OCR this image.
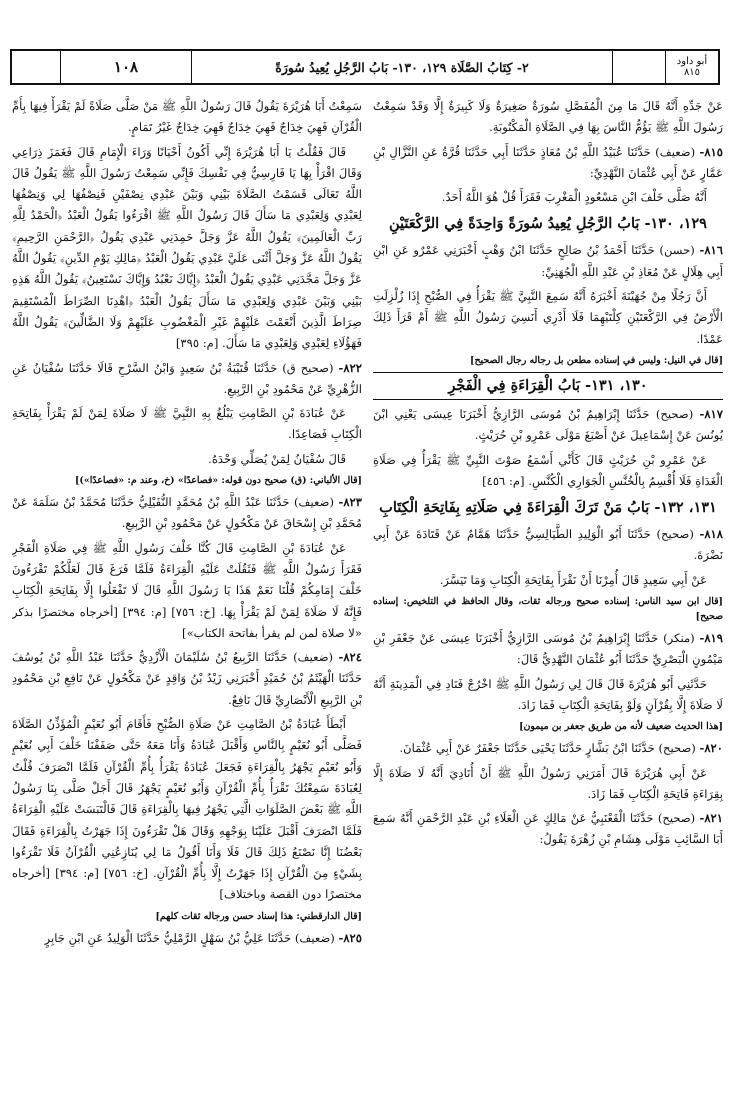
أبو داود
٨١٥
٢- كِتَابُ الصَّلَاة ١٢٩، ١٣٠- بَابُ الرَّجُلِ يُعِيدُ سُورَةً
١٠٨

عَنْ جَدِّهِ أَنَّهُ قَالَ مَا مِنَ الْمُفَصَّلِ سُورَةٌ صَغِيرَةٌ وَلَا كَبِيرَةٌ إِلَّا وَقَدْ سَمِعْتُ رَسُولَ اللَّهِ ﷺ يَؤُمُّ النَّاسَ بِهَا فِي الصَّلَاةِ الْمَكْتُوبَةِ.

٨١٥- (ضعيف) حَدَّثَنَا عُبَيْدُ اللَّهِ بْنُ مُعَاذٍ حَدَّثَنَا أَبِي حَدَّثَنَا قُرَّةُ عَنِ النَّزَّالِ بْنِ عَمَّارٍ عَنْ أَبِي عُثْمَانَ النَّهْدِيِّ:

أَنَّهُ صَلَّى خَلْفَ ابْنِ مَسْعُودٍ الْمَغْرِبَ فَقَرَأَ قُلْ هُوَ اللَّهُ أَحَدٌ.

١٢٩، ١٣٠- بَابُ الرَّجُلِ يُعِيدُ سُورَةً وَاحِدَةً فِي الرَّكْعَتَيْنِ

٨١٦- (حسن) حَدَّثَنَا أَحْمَدُ بْنُ صَالِحٍ حَدَّثَنَا ابْنُ وَهْبٍ أَخْبَرَنِي عَمْرٌو عَنِ ابْنِ أَبِي هِلَالٍ عَنْ مُعَاذِ بْنِ عَبْدِ اللَّهِ الْجُهَنِيِّ:

أَنَّ رَجُلًا مِنْ جُهَيْنَةَ أَخْبَرَهُ أَنَّهُ سَمِعَ النَّبِيَّ ﷺ يَقْرَأُ فِي الصُّبْحِ إِذَا زُلْزِلَتِ الْأَرْضُ فِي الرَّكْعَتَيْنِ كِلْتَيْهِمَا فَلَا أَدْرِي أَنَسِيَ رَسُولُ اللَّهِ ﷺ أَمْ قَرَأَ ذَلِكَ عَمْدًا.

[قال في النيل: وليس في إسناده مطعن بل رجاله رجال الصحيح]
١٣٠، ١٣١- بَابُ الْقِرَاءَةِ فِي الْفَجْرِ

٨١٧- (صحيح) حَدَّثَنَا إِبْرَاهِيمُ بْنُ مُوسَى الرَّازِيُّ أَخْبَرَنَا عِيسَى يَعْنِي ابْنَ يُونُسَ عَنْ إِسْمَاعِيلَ عَنْ أَصْبَغَ مَوْلَى عَمْرِو بْنِ حُرَيْثٍ.

عَنْ عَمْرِو بْنِ حُرَيْثٍ قَالَ كَأَنِّي أَسْمَعُ صَوْتَ النَّبِيِّ ﷺ يَقْرَأُ فِي صَلَاةِ الْغَدَاةِ فَلَا أُقْسِمُ بِالْخُنَّسِ الْجَوَارِي الْكُنَّسِ. [م: ٤٥٦]

١٣١، ١٣٢- بَابُ مَنْ تَرَكَ الْقِرَاءَةَ فِي صَلَاتِهِ بِفَاتِحَةِ الْكِتَابِ

٨١٨- (صحيح) حَدَّثَنَا أَبُو الْوَلِيدِ الطَّيَالِسِيُّ حَدَّثَنَا هَمَّامٌ عَنْ قَتَادَةَ عَنْ أَبِي نَضْرَةَ.

عَنْ أَبِي سَعِيدٍ قَالَ أُمِرْنَا أَنْ نَقْرَأَ بِفَاتِحَةِ الْكِتَابِ وَمَا تَيَسَّرَ.

[قال ابن سيد الناس: إسناده صحيح ورجاله ثقات، وقال الحافظ في التلخيص: إسناده صحيح]

٨١٩- (منكر) حَدَّثَنَا إِبْرَاهِيمُ بْنُ مُوسَى الرَّازِيُّ أَخْبَرَنَا عِيسَى عَنْ جَعْفَرِ بْنِ مَيْمُونٍ الْبَصْرِيِّ حَدَّثَنَا أَبُو عُثْمَانَ النَّهْدِيُّ قَالَ:

حَدَّثَنِي أَبُو هُرَيْرَةَ قَالَ قَالَ لِي رَسُولُ اللَّهِ ﷺ اخْرُجْ فَنَادِ فِي الْمَدِينَةِ أَنَّهُ لَا صَلَاةَ إِلَّا بِقُرْآنٍ وَلَوْ بِفَاتِحَةِ الْكِتَابِ فَمَا زَادَ.

[هذا الحديث ضعيف لأنه من طريق جعفر بن ميمون]

٨٢٠- (صحيح) حَدَّثَنَا ابْنُ بَشَّارٍ حَدَّثَنَا يَحْيَى حَدَّثَنَا جَعْفَرٌ عَنْ أَبِي عُثْمَانَ.

عَنْ أَبِي هُرَيْرَةَ قَالَ أَمَرَنِي رَسُولُ اللَّهِ ﷺ أَنْ أُنَادِيَ أَنَّهُ لَا صَلَاةَ إِلَّا بِقِرَاءَةِ فَاتِحَةِ الْكِتَابِ فَمَا زَادَ.

٨٢١- (صحيح) حَدَّثَنَا الْقَعْنَبِيُّ عَنْ مَالِكٍ عَنِ الْعَلَاءِ بْنِ عَبْدِ الرَّحْمَنِ أَنَّهُ سَمِعَ أَبَا السَّائِبِ مَوْلَى هِشَامِ بْنِ زُهْرَةَ يَقُولُ:

سَمِعْتُ أَبَا هُرَيْرَةَ يَقُولُ قَالَ رَسُولُ اللَّهِ ﷺ مَنْ صَلَّى صَلَاةً لَمْ يَقْرَأْ فِيهَا بِأُمِّ الْقُرْآنِ فَهِيَ خِدَاجٌ فَهِيَ خِدَاجٌ فَهِيَ خِدَاجٌ غَيْرُ تَمَامٍ.

قَالَ فَقُلْتُ يَا أَبَا هُرَيْرَةَ إِنِّي أَكُونُ أَحْيَانًا وَرَاءَ الْإِمَامِ قَالَ فَغَمَزَ ذِرَاعِي وَقَالَ اقْرَأْ بِهَا يَا فَارِسِيُّ فِي نَفْسِكَ فَإِنِّي سَمِعْتُ رَسُولَ اللَّهِ ﷺ يَقُولُ قَالَ اللَّهُ تَعَالَى قَسَمْتُ الصَّلَاةَ بَيْنِي وَبَيْنَ عَبْدِي نِصْفَيْنِ فَنِصْفُهَا لِي وَنِصْفُهَا لِعَبْدِي وَلِعَبْدِي مَا سَأَلَ قَالَ رَسُولُ اللَّهِ ﷺ اقْرَءُوا يَقُولُ الْعَبْدُ ﴿الْحَمْدُ لِلَّهِ رَبِّ الْعَالَمِينَ﴾ يَقُولُ اللَّهُ عَزَّ وَجَلَّ حَمِدَنِي عَبْدِي يَقُولُ ﴿الرَّحْمَنِ الرَّحِيمِ﴾ يَقُولُ اللَّهُ عَزَّ وَجَلَّ أَثْنَى عَلَيَّ عَبْدِي يَقُولُ الْعَبْدُ ﴿مَالِكِ يَوْمِ الدِّينِ﴾ يَقُولُ اللَّهُ عَزَّ وَجَلَّ مَجَّدَنِي عَبْدِي يَقُولُ الْعَبْدُ ﴿إِيَّاكَ نَعْبُدُ وَإِيَّاكَ نَسْتَعِينُ﴾ يَقُولُ اللَّهُ هَذِهِ بَيْنِي وَبَيْنَ عَبْدِي وَلِعَبْدِي مَا سَأَلَ يَقُولُ الْعَبْدُ ﴿اهْدِنَا الصِّرَاطَ الْمُسْتَقِيمَ صِرَاطَ الَّذِينَ أَنْعَمْتَ عَلَيْهِمْ غَيْرِ الْمَغْضُوبِ عَلَيْهِمْ وَلَا الضَّالِّينَ﴾ يَقُولُ اللَّهُ فَهَؤُلَاءِ لِعَبْدِي وَلِعَبْدِي مَا سَأَلَ. [م: ٣٩٥]

٨٢٢- (صحيح ق) حَدَّثَنَا قُتَيْبَةُ بْنُ سَعِيدٍ وَابْنُ السَّرْحِ قَالَا حَدَّثَنَا سُفْيَانُ عَنِ الزُّهْرِيِّ عَنْ مَحْمُودِ بْنِ الرَّبِيعِ.

عَنْ عُبَادَةَ بْنِ الصَّامِتِ يَبْلُغُ بِهِ النَّبِيَّ ﷺ لَا صَلَاةَ لِمَنْ لَمْ يَقْرَأْ بِفَاتِحَةِ الْكِتَابِ فَصَاعِدًا.

قَالَ سُفْيَانُ لِمَنْ يُصَلِّي وَحْدَهُ.

[قال الألباني: (ق) صحيح دون قوله: «فصاعدًا» (خ، وعند م: «فصاعدًا»)]

٨٢٣- (ضعيف) حَدَّثَنَا عَبْدُ اللَّهِ بْنُ مُحَمَّدٍ النُّفَيْلِيُّ حَدَّثَنَا مُحَمَّدُ بْنُ سَلَمَةَ عَنْ مُحَمَّدِ بْنِ إِسْحَاقَ عَنْ مَكْحُولٍ عَنْ مَحْمُودِ بْنِ الرَّبِيعِ.

عَنْ عُبَادَةَ بْنِ الصَّامِتِ قَالَ كُنَّا خَلْفَ رَسُولِ اللَّهِ ﷺ فِي صَلَاةِ الْفَجْرِ فَقَرَأَ رَسُولُ اللَّهِ ﷺ فَثَقُلَتْ عَلَيْهِ الْقِرَاءَةُ فَلَمَّا فَرَغَ قَالَ لَعَلَّكُمْ تَقْرَءُونَ خَلْفَ إِمَامِكُمْ قُلْنَا نَعَمْ هَذَا يَا رَسُولَ اللَّهِ قَالَ لَا تَفْعَلُوا إِلَّا بِفَاتِحَةِ الْكِتَابِ فَإِنَّهُ لَا صَلَاةَ لِمَنْ لَمْ يَقْرَأْ بِهَا. [خ: ٧٥٦] [م: ٣٩٤] [أخرجاه مختصرًا بذكر «لا صلاة لمن لم يقرأ بفاتحة الكتاب»]

٨٢٤- (ضعيف) حَدَّثَنَا الرَّبِيعُ بْنُ سُلَيْمَانَ الْأَزْدِيُّ حَدَّثَنَا عَبْدُ اللَّهِ بْنُ يُوسُفَ حَدَّثَنَا الْهَيْثَمُ بْنُ حُمَيْدٍ أَخْبَرَنِي زَيْدُ بْنُ وَاقِدٍ عَنْ مَكْحُولٍ عَنْ نَافِعِ بْنِ مَحْمُودِ بْنِ الرَّبِيعِ الْأَنْصَارِيِّ قَالَ نَافِعٌ.

أَبْطَأَ عُبَادَةُ بْنُ الصَّامِتِ عَنْ صَلَاةِ الصُّبْحِ فَأَقَامَ أَبُو نُعَيْمٍ الْمُؤَذِّنُ الصَّلَاةَ فَصَلَّى أَبُو نُعَيْمٍ بِالنَّاسِ وَأَقْبَلَ عُبَادَةُ وَأَنَا مَعَهُ حَتَّى صَفَفْنَا خَلْفَ أَبِي نُعَيْمٍ وَأَبُو نُعَيْمٍ يَجْهَرُ بِالْقِرَاءَةِ فَجَعَلَ عُبَادَةُ يَقْرَأُ بِأُمِّ الْقُرْآنِ فَلَمَّا انْصَرَفَ قُلْتُ لِعُبَادَةَ سَمِعْتُكَ تَقْرَأُ بِأُمِّ الْقُرْآنِ وَأَبُو نُعَيْمٍ يَجْهَرُ قَالَ أَجَلْ صَلَّى بِنَا رَسُولُ اللَّهِ ﷺ بَعْضَ الصَّلَوَاتِ الَّتِي يَجْهَرُ فِيهَا بِالْقِرَاءَةِ قَالَ فَالْتَبَسَتْ عَلَيْهِ الْقِرَاءَةُ فَلَمَّا انْصَرَفَ أَقْبَلَ عَلَيْنَا بِوَجْهِهِ وَقَالَ هَلْ تَقْرَءُونَ إِذَا جَهَرْتُ بِالْقِرَاءَةِ فَقَالَ بَعْضُنَا إِنَّا نَصْنَعُ ذَلِكَ قَالَ فَلَا وَأَنَا أَقُولُ مَا لِي يُنَازِعُنِي الْقُرْآنُ فَلَا تَقْرَءُوا بِشَيْءٍ مِنَ الْقُرْآنِ إِذَا جَهَرْتُ إِلَّا بِأُمِّ الْقُرْآنِ. [خ: ٧٥٦] [م: ٣٩٤] [أخرجاه مختصرًا دون القصة وباختلاف]

[قال الدارقطني: هذا إسناد حسن ورجاله ثقات كلهم]

٨٢٥- (ضعيف) حَدَّثَنَا عَلِيُّ بْنُ سَهْلٍ الرَّمْلِيُّ حَدَّثَنَا الْوَلِيدُ عَنِ ابْنِ جَابِرٍ
